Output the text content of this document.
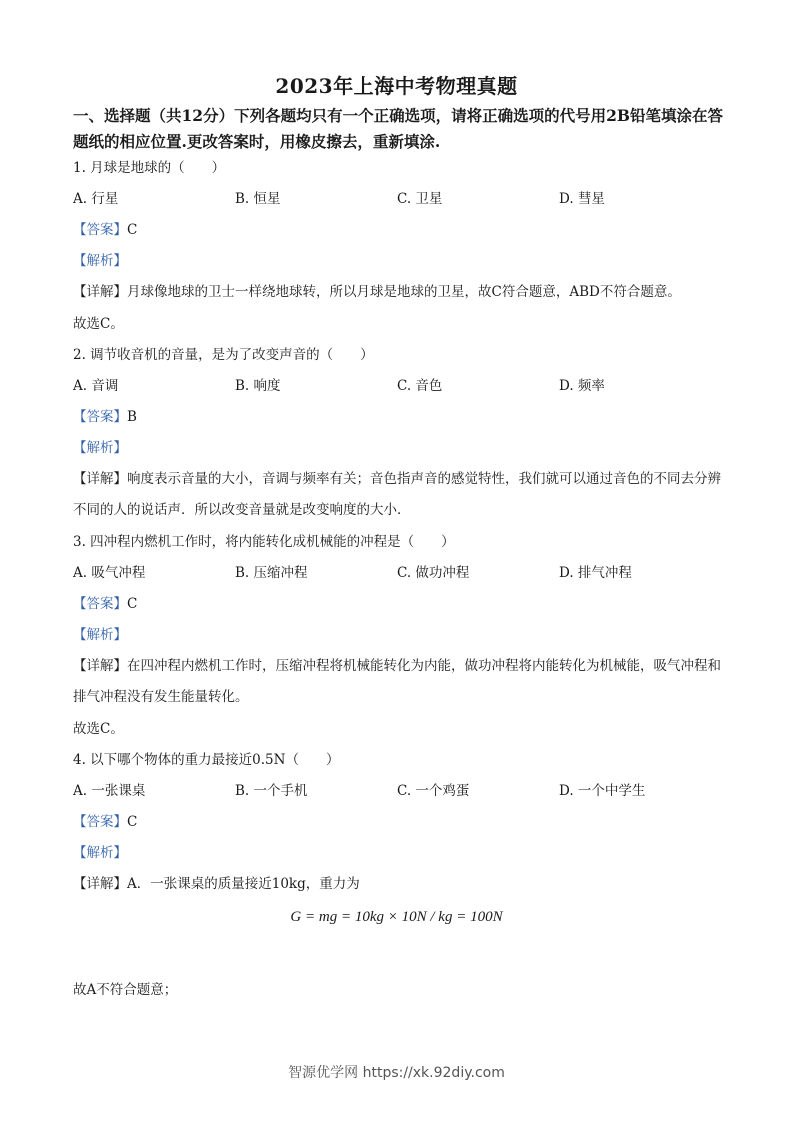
2023年上海中考物理真题
一、选择题（共12分）下列各题均只有一个正确选项，请将正确选项的代号用2B铅笔填涂在答题纸的相应位置.更改答案时，用橡皮擦去，重新填涂.
1. 月球是地球的（　　）
A. 行星	B. 恒星	C. 卫星	D. 彗星
【答案】C
【解析】
【详解】月球像地球的卫士一样绕地球转，所以月球是地球的卫星，故C符合题意，ABD不符合题意。
故选C。
2. 调节收音机的音量，是为了改变声音的（　　）
A. 音调	B. 响度	C. 音色	D. 频率
【答案】B
【解析】
【详解】响度表示音量的大小，音调与频率有关；音色指声音的感觉特性，我们就可以通过音色的不同去分辨不同的人的说话声．所以改变音量就是改变响度的大小．
3. 四冲程内燃机工作时，将内能转化成机械能的冲程是（　　）
A. 吸气冲程	B. 压缩冲程	C. 做功冲程	D. 排气冲程
【答案】C
【解析】
【详解】在四冲程内燃机工作时，压缩冲程将机械能转化为内能，做功冲程将内能转化为机械能，吸气冲程和排气冲程没有发生能量转化。
故选C。
4. 以下哪个物体的重力最接近0.5N（　　）
A. 一张课桌	B. 一个手机	C. 一个鸡蛋	D. 一个中学生
【答案】C
【解析】
【详解】A．一张课桌的质量接近10kg，重力为
G = mg = 10kg × 10N / kg = 100N
故A不符合题意；
智源优学网 https://xk.92diy.com
